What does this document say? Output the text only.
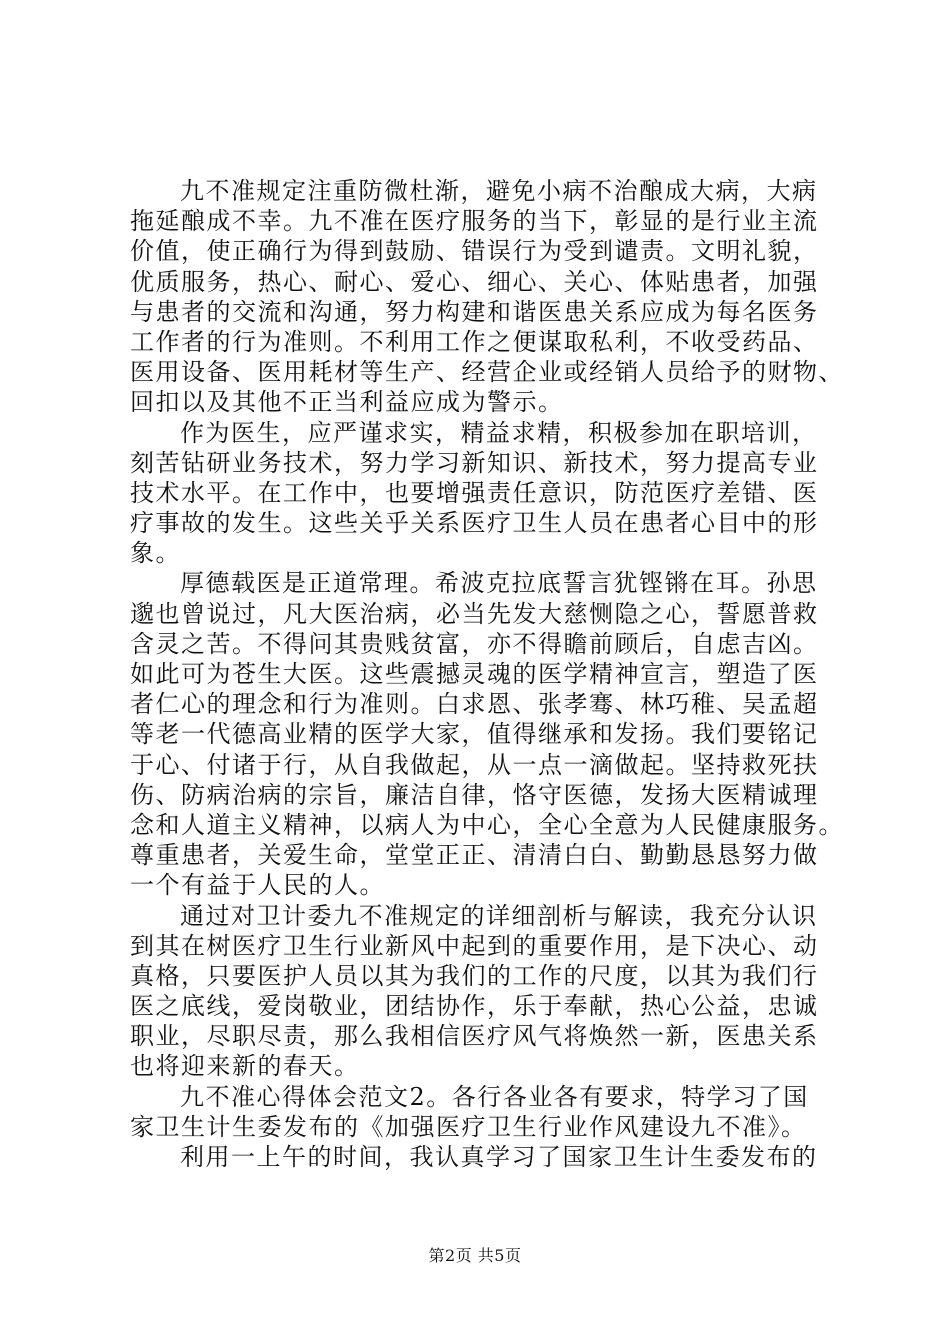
九不准规定注重防微杜渐，避免小病不治酿成大病，大病
拖延酿成不幸。九不准在医疗服务的当下，彰显的是行业主流
价值，使正确行为得到鼓励、错误行为受到谴责。文明礼貌，
优质服务，热心、耐心、爱心、细心、关心、体贴患者，加强
与患者的交流和沟通，努力构建和谐医患关系应成为每名医务
工作者的行为准则。不利用工作之便谋取私利，不收受药品、
医用设备、医用耗材等生产、经营企业或经销人员给予的财物、
回扣以及其他不正当利益应成为警示。
作为医生，应严谨求实，精益求精，积极参加在职培训，
刻苦钻研业务技术，努力学习新知识、新技术，努力提高专业
技术水平。在工作中，也要增强责任意识，防范医疗差错、医
疗事故的发生。这些关乎关系医疗卫生人员在患者心目中的形
象。
厚德载医是正道常理。希波克拉底誓言犹铿锵在耳。孙思
邈也曾说过，凡大医治病，必当先发大慈恻隐之心，誓愿普救
含灵之苦。不得问其贵贱贫富，亦不得瞻前顾后，自虑吉凶。
如此可为苍生大医。这些震撼灵魂的医学精神宣言，塑造了医
者仁心的理念和行为准则。白求恩、张孝骞、林巧稚、吴孟超
等老一代德高业精的医学大家，值得继承和发扬。我们要铭记
于心、付诸于行，从自我做起，从一点一滴做起。坚持救死扶
伤、防病治病的宗旨，廉洁自律，恪守医德，发扬大医精诚理
念和人道主义精神，以病人为中心，全心全意为人民健康服务。
尊重患者，关爱生命，堂堂正正、清清白白、勤勤恳恳努力做
一个有益于人民的人。
通过对卫计委九不准规定的详细剖析与解读，我充分认识
到其在树医疗卫生行业新风中起到的重要作用，是下决心、动
真格，只要医护人员以其为我们的工作的尺度，以其为我们行
医之底线，爱岗敬业，团结协作，乐于奉献，热心公益，忠诚
职业，尽职尽责，那么我相信医疗风气将焕然一新，医患关系
也将迎来新的春天。
九不准心得体会范文2。各行各业各有要求，特学习了国
家卫生计生委发布的《加强医疗卫生行业作风建设九不准》。
利用一上午的时间，我认真学习了国家卫生计生委发布的
第2页 共5页
